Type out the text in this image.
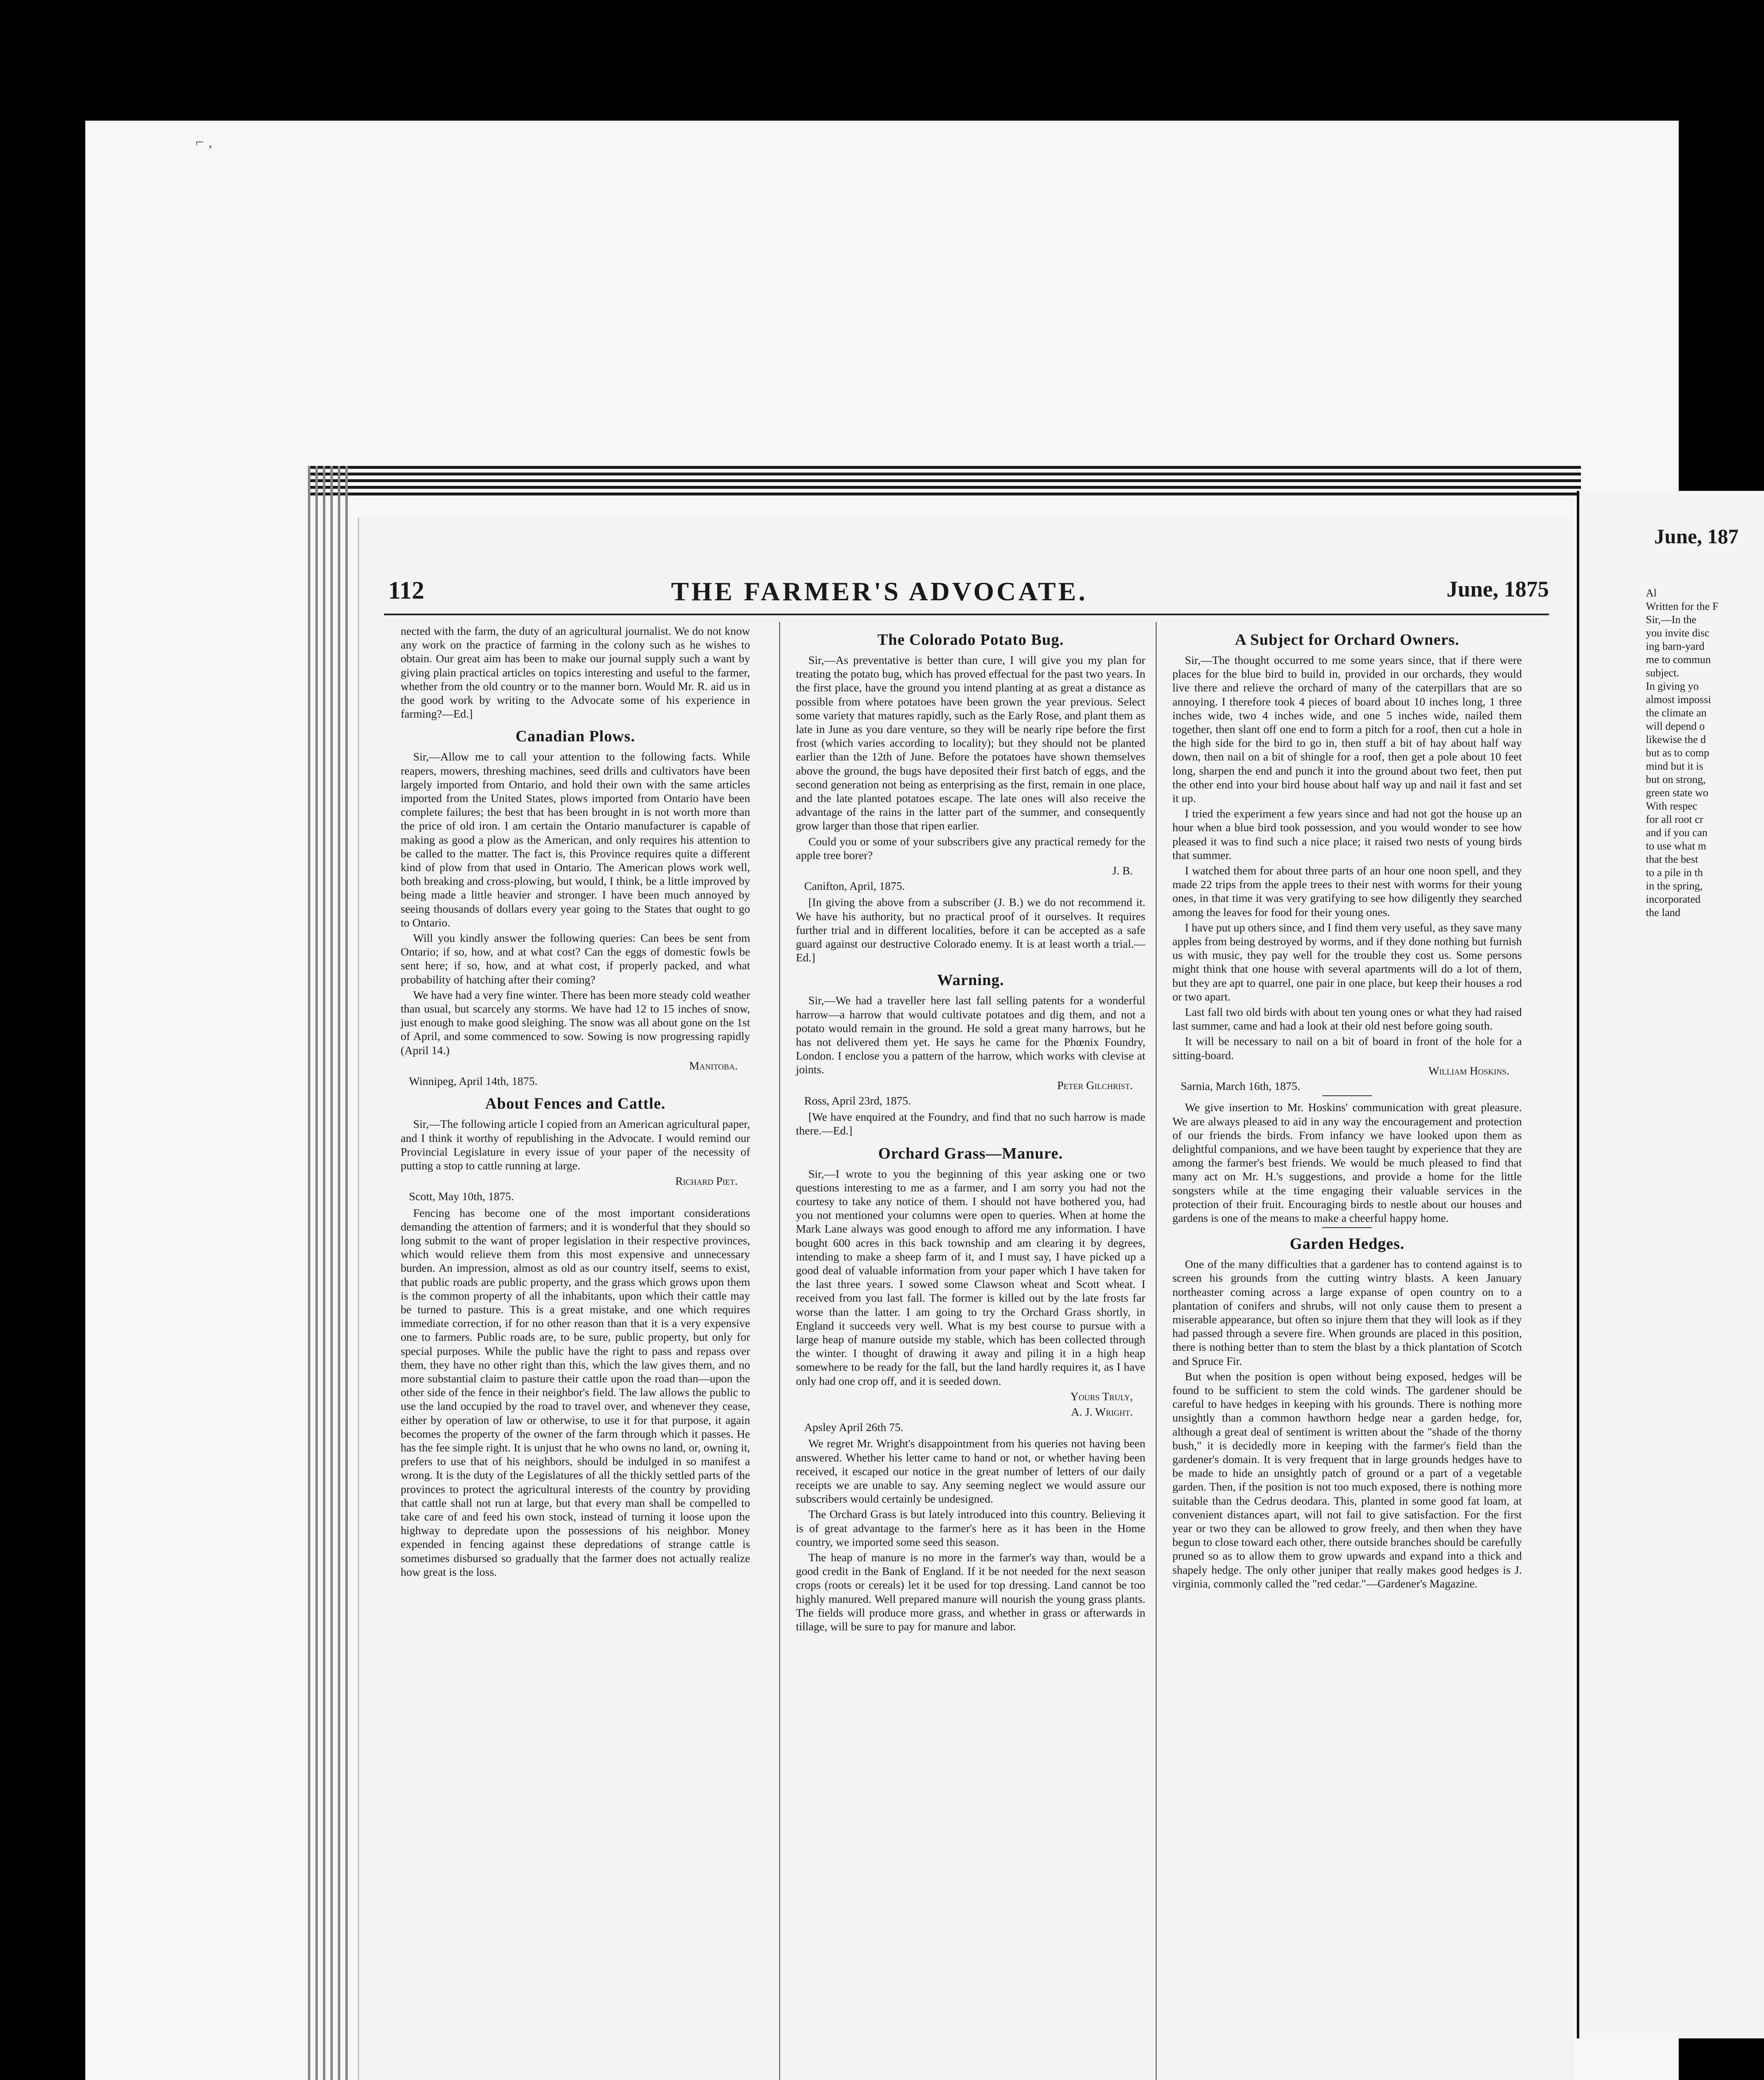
⌐ ‚
June, 187
Al
Written for the F
Sir,—In the
you invite disc
ing barn-yard
me to commun
subject.
In giving yo
almost impossi
the climate an
will depend o
likewise the d
but as to comp
mind but it is
but on strong,
green state wo
With respec
for all root cr
and if you can
to use what m
that the best
to a pile in th
in the spring,
incorporated
the land
112	THE FARMER'S ADVOCATE.	June, 1875

nected with the farm, the duty of an agricultural journalist. We do not know any work on the practice of farming in the colony such as he wishes to obtain. Our great aim has been to make our journal supply such a want by giving plain practical articles on topics interesting and useful to the farmer, whether from the old country or to the manner born. Would Mr. R. aid us in the good work by writing to the Advocate some of his experience in farming?—Ed.]

Canadian Plows.

Sir,—Allow me to call your attention to the following facts. While reapers, mowers, threshing machines, seed drills and cultivators have been largely imported from Ontario, and hold their own with the same articles imported from the United States, plows imported from Ontario have been complete failures; the best that has been brought in is not worth more than the price of old iron. I am certain the Ontario manufacturer is capable of making as good a plow as the American, and only requires his attention to be called to the matter. The fact is, this Province requires quite a different kind of plow from that used in Ontario. The American plows work well, both breaking and cross-plowing, but would, I think, be a little improved by being made a little heavier and stronger. I have been much annoyed by seeing thousands of dollars every year going to the States that ought to go to Ontario.

Will you kindly answer the following queries: Can bees be sent from Ontario; if so, how, and at what cost? Can the eggs of domestic fowls be sent here; if so, how, and at what cost, if properly packed, and what probability of hatching after their coming?

We have had a very fine winter. There has been more steady cold weather than usual, but scarcely any storms. We have had 12 to 15 inches of snow, just enough to make good sleighing. The snow was all about gone on the 1st of April, and some commenced to sow. Sowing is now progressing rapidly (April 14.)

Manitoba.
Winnipeg, April 14th, 1875.
About Fences and Cattle.

Sir,—The following article I copied from an American agricultural paper, and I think it worthy of republishing in the Advocate. I would remind our Provincial Legislature in every issue of your paper of the necessity of putting a stop to cattle running at large.

Richard Piet.
Scott, May 10th, 1875.

Fencing has become one of the most important considerations demanding the attention of farmers; and it is wonderful that they should so long submit to the want of proper legislation in their respective provinces, which would relieve them from this most expensive and unnecessary burden. An impression, almost as old as our country itself, seems to exist, that public roads are public property, and the grass which grows upon them is the common property of all the inhabitants, upon which their cattle may be turned to pasture. This is a great mistake, and one which requires immediate correction, if for no other reason than that it is a very expensive one to farmers. Public roads are, to be sure, public property, but only for special purposes. While the public have the right to pass and repass over them, they have no other right than this, which the law gives them, and no more substantial claim to pasture their cattle upon the road than—upon the other side of the fence in their neighbor's field. The law allows the public to use the land occupied by the road to travel over, and whenever they cease, either by operation of law or otherwise, to use it for that purpose, it again becomes the property of the owner of the farm through which it passes. He has the fee simple right. It is unjust that he who owns no land, or, owning it, prefers to use that of his neighbors, should be indulged in so manifest a wrong. It is the duty of the Legislatures of all the thickly settled parts of the provinces to protect the agricultural interests of the country by providing that cattle shall not run at large, but that every man shall be compelled to take care of and feed his own stock, instead of turning it loose upon the highway to depredate upon the possessions of his neighbor. Money expended in fencing against these depredations of strange cattle is sometimes disbursed so gradually that the farmer does not actually realize how great is the loss.

The Colorado Potato Bug.

Sir,—As preventative is better than cure, I will give you my plan for treating the potato bug, which has proved effectual for the past two years. In the first place, have the ground you intend planting at as great a distance as possible from where potatoes have been grown the year previous. Select some variety that matures rapidly, such as the Early Rose, and plant them as late in June as you dare venture, so they will be nearly ripe before the first frost (which varies according to locality); but they should not be planted earlier than the 12th of June. Before the potatoes have shown themselves above the ground, the bugs have deposited their first batch of eggs, and the second generation not being as enterprising as the first, remain in one place, and the late planted potatoes escape. The late ones will also receive the advantage of the rains in the latter part of the summer, and consequently grow larger than those that ripen earlier.

Could you or some of your subscribers give any practical remedy for the apple tree borer?

J. B.
Canifton, April, 1875.

[In giving the above from a subscriber (J. B.) we do not recommend it. We have his authority, but no practical proof of it ourselves. It requires further trial and in different localities, before it can be accepted as a safe guard against our destructive Colorado enemy. It is at least worth a trial.—Ed.]

Warning.

Sir,—We had a traveller here last fall selling patents for a wonderful harrow—a harrow that would cultivate potatoes and dig them, and not a potato would remain in the ground. He sold a great many harrows, but he has not delivered them yet. He says he came for the Phœnix Foundry, London. I enclose you a pattern of the harrow, which works with clevise at joints.

Peter Gilchrist.
Ross, April 23rd, 1875.

[We have enquired at the Foundry, and find that no such harrow is made there.—Ed.]

Orchard Grass—Manure.

Sir,—I wrote to you the beginning of this year asking one or two questions interesting to me as a farmer, and I am sorry you had not the courtesy to take any notice of them. I should not have bothered you, had you not mentioned your columns were open to queries. When at home the Mark Lane always was good enough to afford me any information. I have bought 600 acres in this back township and am clearing it by degrees, intending to make a sheep farm of it, and I must say, I have picked up a good deal of valuable information from your paper which I have taken for the last three years. I sowed some Clawson wheat and Scott wheat. I received from you last fall. The former is killed out by the late frosts far worse than the latter. I am going to try the Orchard Grass shortly, in England it succeeds very well. What is my best course to pursue with a large heap of manure outside my stable, which has been collected through the winter. I thought of drawing it away and piling it in a high heap somewhere to be ready for the fall, but the land hardly requires it, as I have only had one crop off, and it is seeded down.

Yours Truly,
A. J. Wright.
Apsley April 26th 75.

We regret Mr. Wright's disappointment from his queries not having been answered. Whether his letter came to hand or not, or whether having been received, it escaped our notice in the great number of letters of our daily receipts we are unable to say. Any seeming neglect we would assure our subscribers would certainly be undesigned.

The Orchard Grass is but lately introduced into this country. Believing it is of great advantage to the farmer's here as it has been in the Home country, we imported some seed this season.

The heap of manure is no more in the farmer's way than, would be a good credit in the Bank of England. If it be not needed for the next season crops (roots or cereals) let it be used for top dressing. Land cannot be too highly manured. Well prepared manure will nourish the young grass plants. The fields will produce more grass, and whether in grass or afterwards in tillage, will be sure to pay for manure and labor.

A Subject for Orchard Owners.

Sir,—The thought occurred to me some years since, that if there were places for the blue bird to build in, provided in our orchards, they would live there and relieve the orchard of many of the caterpillars that are so annoying. I therefore took 4 pieces of board about 10 inches long, 1 three inches wide, two 4 inches wide, and one 5 inches wide, nailed them together, then slant off one end to form a pitch for a roof, then cut a hole in the high side for the bird to go in, then stuff a bit of hay about half way down, then nail on a bit of shingle for a roof, then get a pole about 10 feet long, sharpen the end and punch it into the ground about two feet, then put the other end into your bird house about half way up and nail it fast and set it up.

I tried the experiment a few years since and had not got the house up an hour when a blue bird took possession, and you would wonder to see how pleased it was to find such a nice place; it raised two nests of young birds that summer.

I watched them for about three parts of an hour one noon spell, and they made 22 trips from the apple trees to their nest with worms for their young ones, in that time it was very gratifying to see how diligently they searched among the leaves for food for their young ones.

I have put up others since, and I find them very useful, as they save many apples from being destroyed by worms, and if they done nothing but furnish us with music, they pay well for the trouble they cost us. Some persons might think that one house with several apartments will do a lot of them, but they are apt to quarrel, one pair in one place, but keep their houses a rod or two apart.

Last fall two old birds with about ten young ones or what they had raised last summer, came and had a look at their old nest before going south.

It will be necessary to nail on a bit of board in front of the hole for a sitting-board.

William Hoskins.
Sarnia, March 16th, 1875.

We give insertion to Mr. Hoskins' communication with great pleasure. We are always pleased to aid in any way the encouragement and protection of our friends the birds. From infancy we have looked upon them as delightful companions, and we have been taught by experience that they are among the farmer's best friends. We would be much pleased to find that many act on Mr. H.'s suggestions, and provide a home for the little songsters while at the time engaging their valuable services in the protection of their fruit. Encouraging birds to nestle about our houses and gardens is one of the means to make a cheerful happy home.

Garden Hedges.

One of the many difficulties that a gardener has to contend against is to screen his grounds from the cutting wintry blasts. A keen January northeaster coming across a large expanse of open country on to a plantation of conifers and shrubs, will not only cause them to present a miserable appearance, but often so injure them that they will look as if they had passed through a severe fire. When grounds are placed in this position, there is nothing better than to stem the blast by a thick plantation of Scotch and Spruce Fir.

But when the position is open without being exposed, hedges will be found to be sufficient to stem the cold winds. The gardener should be careful to have hedges in keeping with his grounds. There is nothing more unsightly than a common hawthorn hedge near a garden hedge, for, although a great deal of sentiment is written about the "shade of the thorny bush," it is decidedly more in keeping with the farmer's field than the gardener's domain. It is very frequent that in large grounds hedges have to be made to hide an unsightly patch of ground or a part of a vegetable garden. Then, if the position is not too much exposed, there is nothing more suitable than the Cedrus deodara. This, planted in some good fat loam, at convenient distances apart, will not fail to give satisfaction. For the first year or two they can be allowed to grow freely, and then when they have begun to close toward each other, there outside branches should be carefully pruned so as to allow them to grow upwards and expand into a thick and shapely hedge. The only other juniper that really makes good hedges is J. virginia, commonly called the "red cedar."—Gardener's Magazine.
